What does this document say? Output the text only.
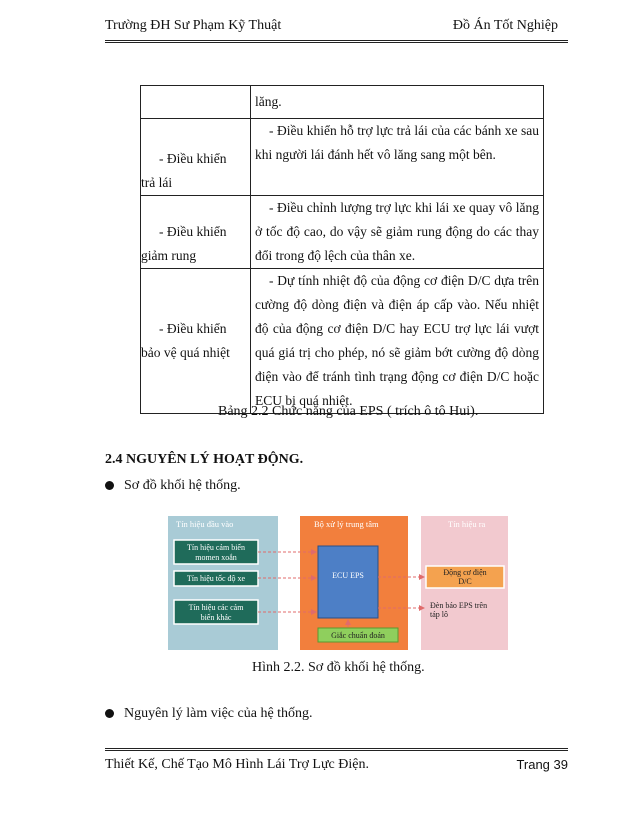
Trường ĐH Sư Phạm Kỹ Thuật	Đồ Án Tốt Nghiệp
	lăng.

- Điều khiển
trả lái	- Điều khiển hỗ trợ lực trả lái của các bánh xe sau khi người lái đánh hết vô lăng sang một bên.

- Điều khiển
giảm rung	- Điều chỉnh lượng trợ lực khi lái xe quay vô lăng ở tốc độ cao, do vậy sẽ giảm rung động do các thay đổi trong độ lệch của thân xe.

- Điều khiển
bảo vệ quá nhiệt	- Dự tính nhiệt độ của động cơ điện D/C dựa trên cường độ dòng điện và điện áp cấp vào. Nếu nhiệt độ của động cơ điện D/C hay ECU trợ lực lái vượt quá giá trị cho phép, nó sẽ giảm bớt cường độ dòng điện vào để tránh tình trạng động cơ điện D/C hoặc ECU bị quá nhiệt.
Bảng 2.2 Chức năng của EPS ( trích ô tô Hui).
2.4 NGUYÊN LÝ HOẠT ĐỘNG.
Sơ đồ khối hệ thống.
Tín hiệu đầu vào	Bộ xử lý trung tâm	Tín hiệu ra
Tín hiệu cảm biến
momen xoắn
Tín hiệu tốc độ xe
Tín hiệu các cảm
biến khác
ECU EPS
Giắc chuẩn đoán
Động cơ điện
D/C
Đèn báo EPS trên
táp lô
Hình 2.2. Sơ đồ khối hệ thống.
Nguyên lý làm việc của hệ thống.
Thiết Kế, Chế Tạo Mô Hình Lái Trợ Lực Điện.	Trang 39
